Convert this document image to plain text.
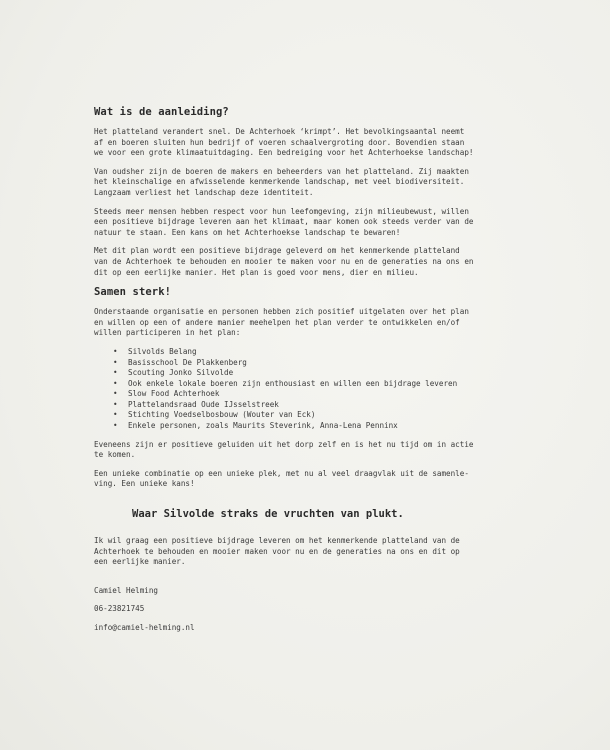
Wat is de aanleiding?

Het platteland verandert snel. De Achterhoek ‘krimpt’. Het bevolkingsaantal neemt
af en boeren sluiten hun bedrijf of voeren schaalvergroting door. Bovendien staan
we voor een grote klimaatuitdaging. Een bedreiging voor het Achterhoekse landschap!

Van oudsher zijn de boeren de makers en beheerders van het platteland. Zij maakten
het kleinschalige en afwisselende kenmerkende landschap, met veel biodiversiteit.
Langzaam verliest het landschap deze identiteit.

Steeds meer mensen hebben respect voor hun leefomgeving, zijn milieubewust, willen
een positieve bijdrage leveren aan het klimaat, maar komen ook steeds verder van de
natuur te staan. Een kans om het Achterhoekse landschap te bewaren!

Met dit plan wordt een positieve bijdrage geleverd om het kenmerkende platteland
van de Achterhoek te behouden en mooier te maken voor nu en de generaties na ons en
dit op een eerlijke manier. Het plan is goed voor mens, dier en milieu.

Samen sterk!

Onderstaande organisatie en personen hebben zich positief uitgelaten over het plan
en willen op een of andere manier meehelpen het plan verder te ontwikkelen en/of
willen participeren in het plan:

• Silvolds Belang
• Basisschool De Plakkenberg
• Scouting Jonko Silvolde
• Ook enkele lokale boeren zijn enthousiast en willen een bijdrage leveren
• Slow Food Achterhoek
• Plattelandsraad Oude IJsselstreek
• Stichting Voedselbosbouw (Wouter van Eck)
• Enkele personen, zoals Maurits Steverink, Anna-Lena Penninx

Eveneens zijn er positieve geluiden uit het dorp zelf en is het nu tijd om in actie
te komen.

Een unieke combinatie op een unieke plek, met nu al veel draagvlak uit de samenle-
ving. Een unieke kans!

Waar Silvolde straks de vruchten van plukt.

Ik wil graag een positieve bijdrage leveren om het kenmerkende platteland van de
Achterhoek te behouden en mooier maken voor nu en de generaties na ons en dit op
een eerlijke manier.

Camiel Helming

06-23821745

info@camiel-helming.nl
